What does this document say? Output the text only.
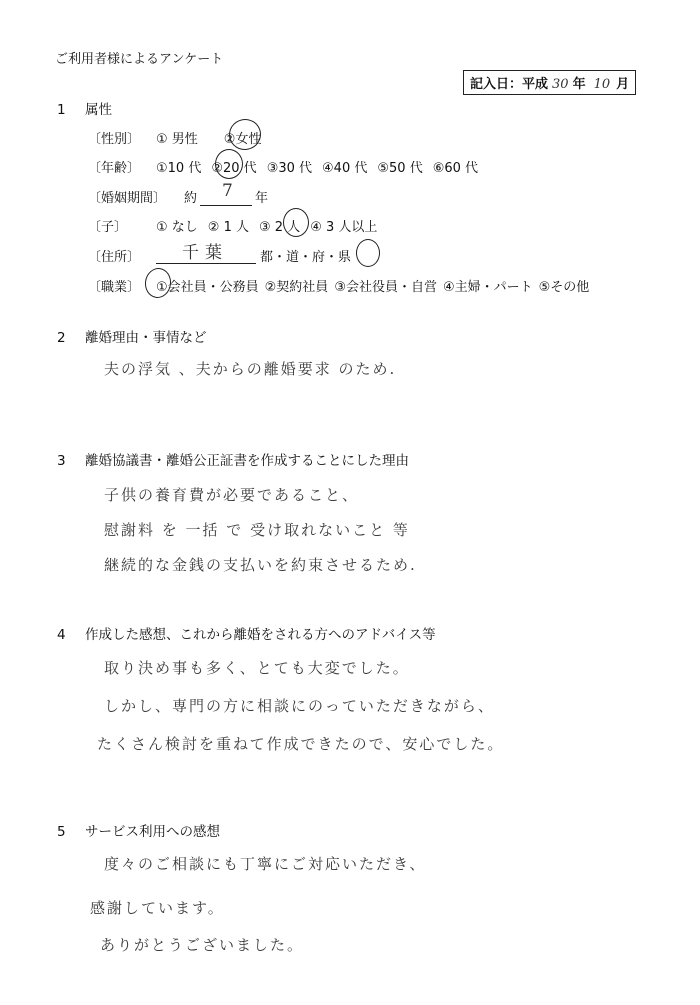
ご利用者様によるアンケート
記入日：平成 30 年 10 月
1 属性
〔性別〕 ① 男性 ②女性
〔年齢〕 ①10 代 ②20 代 ③30 代 ④40 代 ⑤50 代 ⑥60 代
〔婚姻期間〕 約 7 年
〔子〕 ① なし ② 1 人 ③ 2 人 ④ 3 人以上
〔住所〕 千葉 都・道・府・県
〔職業〕 ①会社員・公務員 ②契約社員 ③会社役員・自営 ④主婦・パート ⑤その他
2 離婚理由・事情など
夫の浮気 、夫からの離婚要求 のため.
3 離婚協議書・離婚公正証書を作成することにした理由
子供の養育費が必要であること、
慰謝料 を 一括 で 受け取れないこと 等
継続的な金銭の支払いを約束させるため.
4 作成した感想、これから離婚をされる方へのアドバイス等
取り決め事も多く、とても大変でした。
しかし、専門の方に相談にのっていただきながら、
たくさん検討を重ねて作成できたので、安心でした。
5 サービス利用への感想
度々のご相談にも丁寧にご対応いただき、
感謝しています。
ありがとうございました。
